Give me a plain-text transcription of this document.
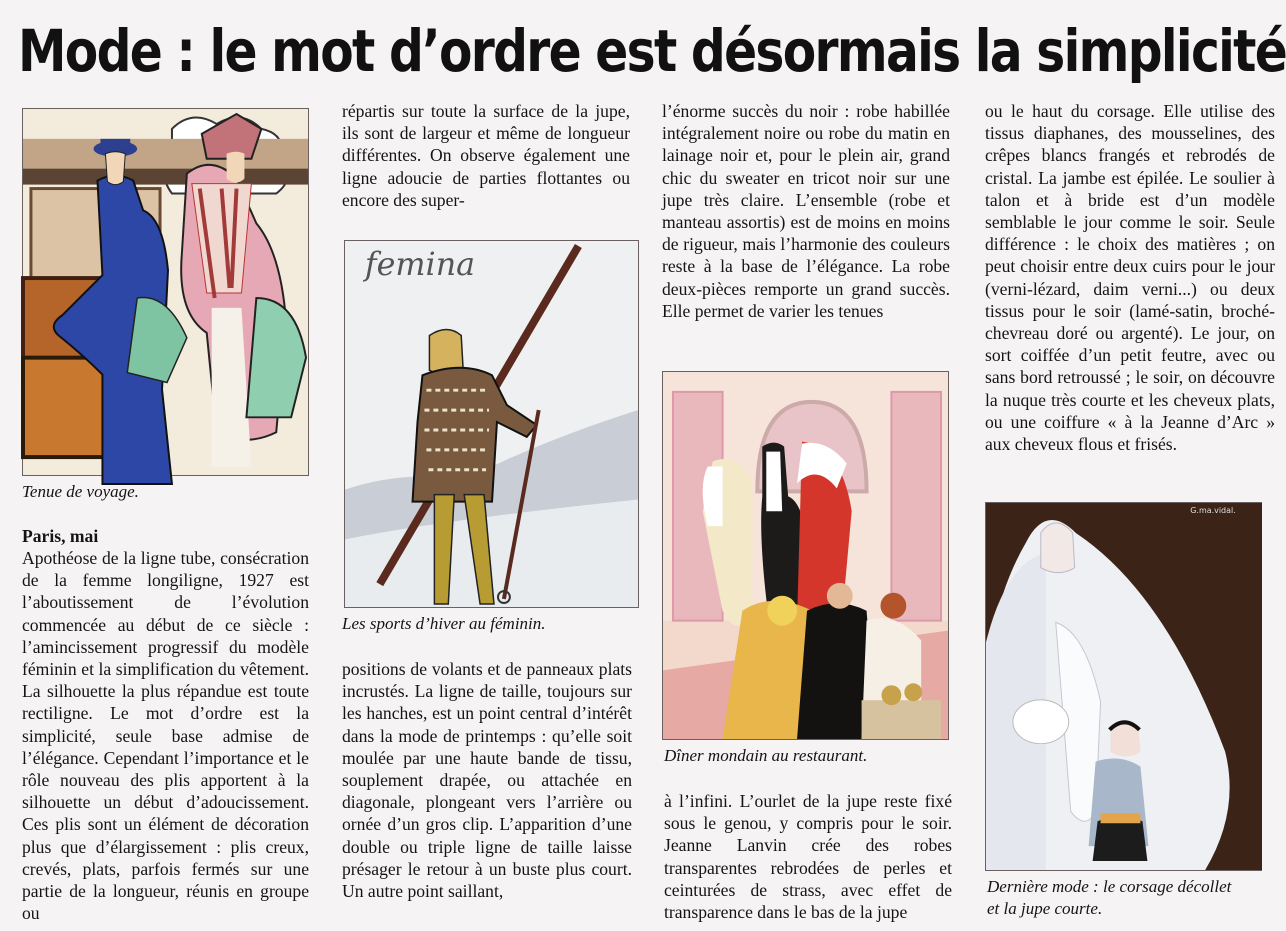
Mode : le mot d’ordre est désormais la simplicité
Tenue de voyage.

Paris, mai

Apothéose de la ligne tube, consécration de la femme longiligne, 1927 est l’aboutissement de l’évolution commencée au début de ce siècle : l’amincissement progressif du modèle féminin et la simplification du vêtement. La silhouette la plus répandue est toute rectiligne. Le mot d’ordre est la simplicité, seule base admise de l’élégance. Cependant l’importance et le rôle nouveau des plis apportent à la silhouette un début d’adoucissement. Ces plis sont un élément de décoration plus que d’élargissement : plis creux, crevés, plats, parfois fermés sur une partie de la longueur, réunis en groupe ou

répartis sur toute la surface de la jupe, ils sont de largeur et même de longueur différentes. On observe également une ligne adoucie de parties flottantes ou encore des super-

femina
Les sports d’hiver au féminin.

positions de volants et de panneaux plats incrustés. La ligne de taille, toujours sur les hanches, est un point central d’intérêt dans la mode de printemps : qu’elle soit moulée par une haute bande de tissu, souplement drapée, ou attachée en diagonale, plongeant vers l’arrière ou ornée d’un gros clip. L’apparition d’une double ou triple ligne de taille laisse présager le retour à un buste plus court. Un autre point saillant,

l’énorme succès du noir : robe habillée intégralement noire ou robe du matin en lainage noir et, pour le plein air, grand chic du sweater en tricot noir sur une jupe très claire. L’ensemble (robe et manteau assortis) est de moins en moins de rigueur, mais l’harmonie des couleurs reste à la base de l’élégance. La robe deux-pièces remporte un grand succès. Elle permet de varier les tenues

Dîner mondain au restaurant.

à l’infini. L’ourlet de la jupe reste fixé sous le genou, y compris pour le soir. Jeanne Lanvin crée des robes transparentes rebrodées de perles et ceinturées de strass, avec effet de transparence dans le bas de la jupe

ou le haut du corsage. Elle utilise des tissus diaphanes, des mousselines, des crêpes blancs frangés et rebrodés de cristal. La jambe est épilée. Le soulier à talon et à bride est d’un modèle semblable le jour comme le soir. Seule différence : le choix des matières ; on peut choisir entre deux cuirs pour le jour (verni-lézard, daim verni...) ou deux tissus pour le soir (lamé-satin, broché-chevreau doré ou argenté). Le jour, on sort coiffée d’un petit feutre, avec ou sans bord retroussé ; le soir, on découvre la nuque très courte et les cheveux plats, ou une coiffure « à la Jeanne d’Arc » aux cheveux flous et frisés.

G.ma.vidal.
Dernière mode : le corsage décollet
et la jupe courte.
